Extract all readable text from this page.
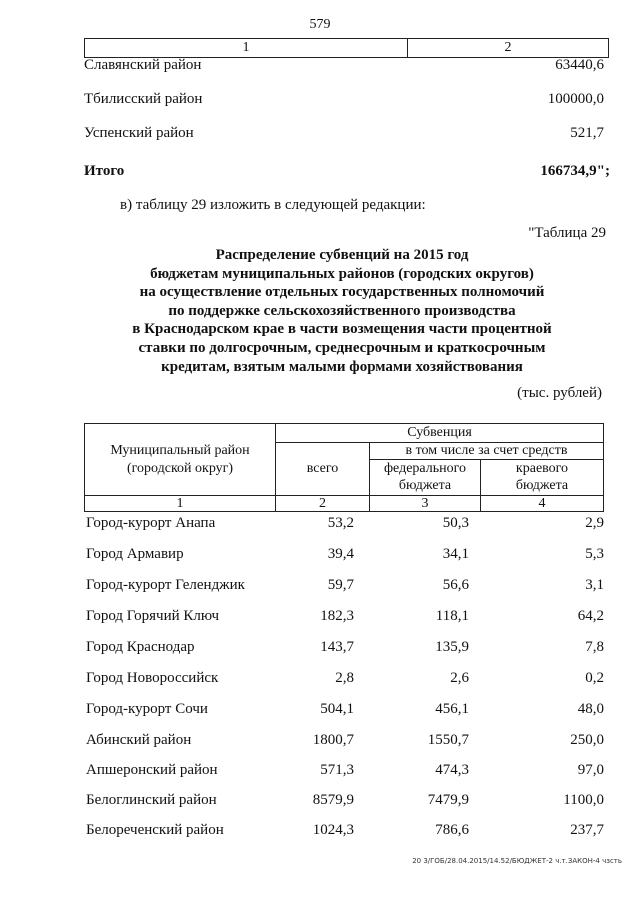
579
1	2
Славянский район	63440,6
Тбилисский район	100000,0
Успенский район	521,7
Итого	166734,9";
в) таблицу 29 изложить в следующей редакции:
"Таблица 29
Распределение субвенций на 2015 год
бюджетам муниципальных районов (городских округов)
на осуществление отдельных государственных полномочий
по поддержке сельскохозяйственного производства
в Краснодарском крае в части возмещения части процентной
ставки по долгосрочным, среднесрочным и краткосрочным
кредитам, взятым малыми формами хозяйствования
(тыс. рублей)
Муниципальный район (городской округ)
Субвенция
в том числе за счет средств
всего	федерального бюджета
краевого бюджета
1	2	3	4
Город-курорт Анапа	53,2	50,3	2,9
Город Армавир	39,4	34,1	5,3
Город-курорт Геленджик	59,7	56,6	3,1
Город Горячий Ключ	182,3	118,1	64,2
Город Краснодар	143,7	135,9	7,8
Город Новороссийск	2,8	2,6	0,2
Город-курорт Сочи	504,1	456,1	48,0
Абинский район	1800,7	1550,7	250,0
Апшеронский район	571,3	474,3	97,0
Белоглинский район	8579,9	7479,9	1100,0
Белореченский район	1024,3	786,6	237,7
20 3/ГОБ/28.04.2015/14.52/БЮДЖЕТ-2 ч.т.ЗАКОН-4 чзсть
